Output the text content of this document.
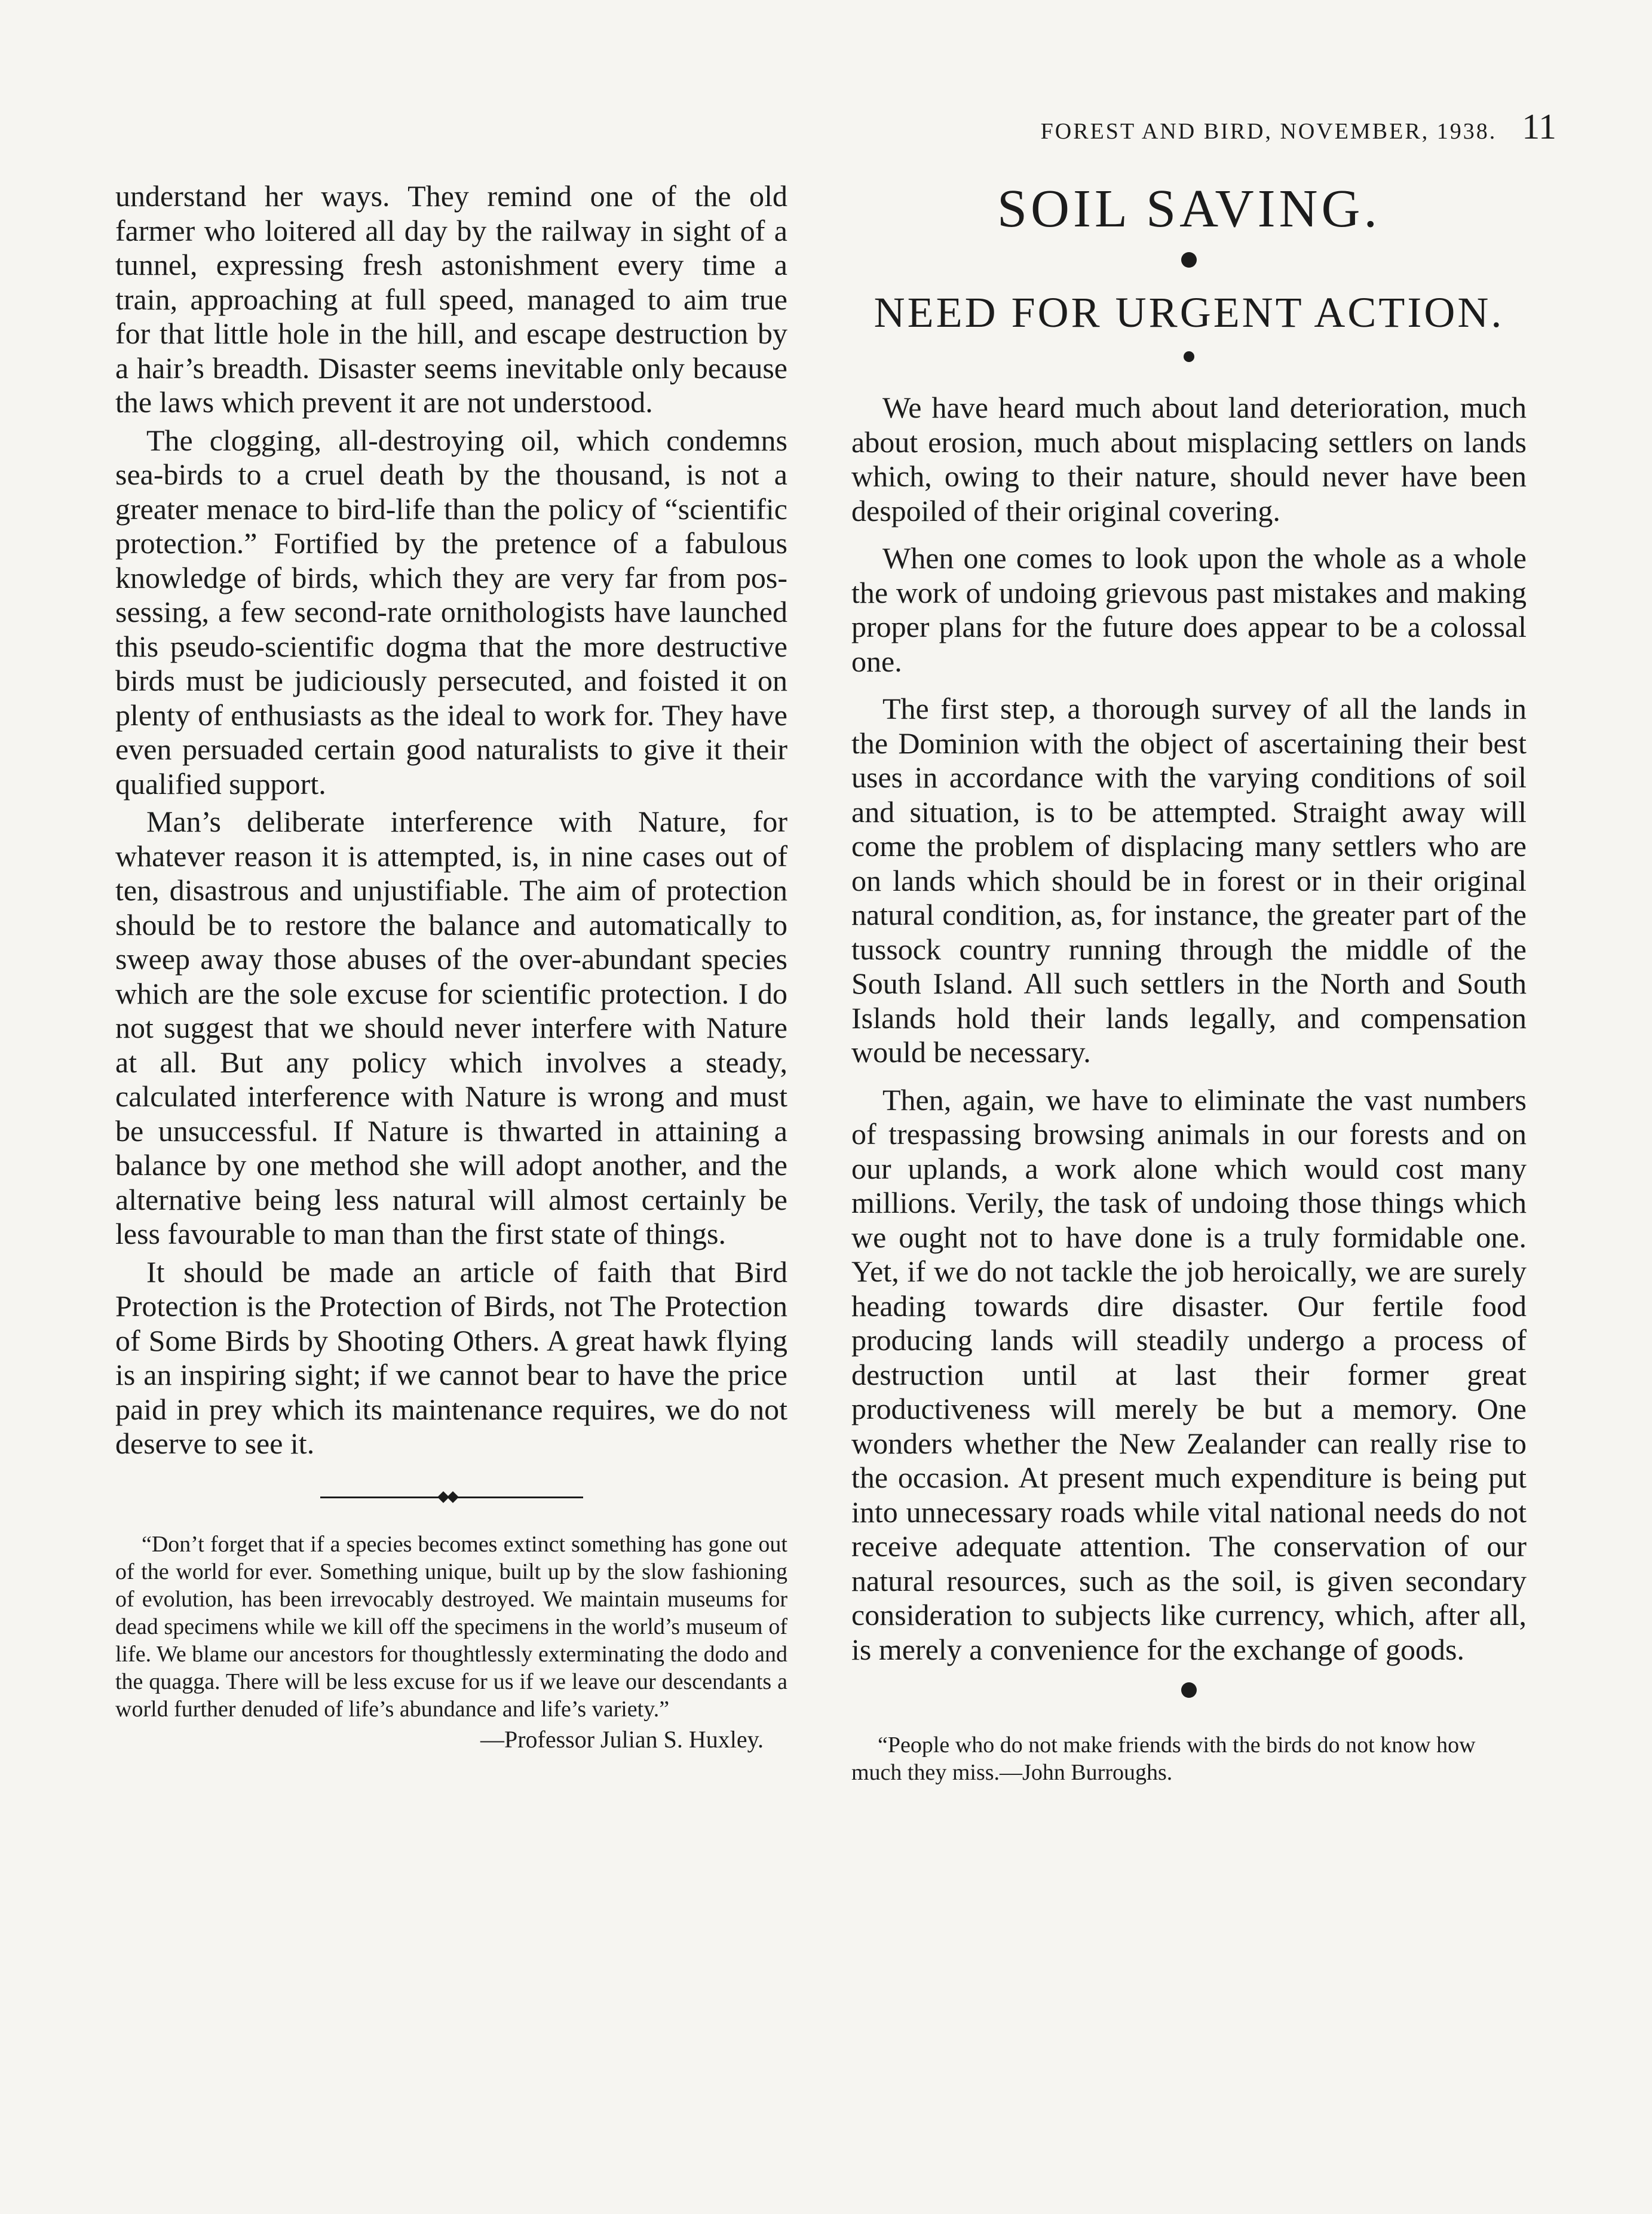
FOREST AND BIRD, NOVEMBER, 1938. 11

understand her ways. They remind one of the old farmer who loitered all day by the railway in sight of a tunnel, expressing fresh astonishment every time a train, approaching at full speed, managed to aim true for that little hole in the hill, and escape destruction by a hair’s breadth. Disaster seems inevitable only because the laws which prevent it are not understood.

The clogging, all-destroying oil, which condemns sea-birds to a cruel death by the thousand, is not a greater menace to bird-life than the policy of “scientific protection.” Fortified by the pretence of a fabulous knowledge of birds, which they are very far from possessing, a few second-rate ornithologists have launched this pseudo-scientific dogma that the more destructive birds must be judiciously persecuted, and foisted it on plenty of enthusiasts as the ideal to work for. They have even persuaded certain good naturalists to give it their qualified support.

Man’s deliberate interference with Nature, for whatever reason it is attempted, is, in nine cases out of ten, disastrous and unjustifiable. The aim of protection should be to restore the balance and automatically to sweep away those abuses of the over-abundant species which are the sole excuse for scientific protection. I do not suggest that we should never interfere with Nature at all. But any policy which involves a steady, calculated interference with Nature is wrong and must be unsuccessful. If Nature is thwarted in attaining a balance by one method she will adopt another, and the alternative being less natural will almost certainly be less favourable to man than the first state of things.

It should be made an article of faith that Bird Protection is the Protection of Birds, not The Protection of Some Birds by Shooting Others. A great hawk flying is an inspiring sight; if we cannot bear to have the price paid in prey which its maintenance requires, we do not deserve to see it.

“Don’t forget that if a species becomes extinct something has gone out of the world for ever. Something unique, built up by the slow fashioning of evolution, has been irrevocably destroyed. We maintain museums for dead specimens while we kill off the specimens in the world’s museum of life. We blame our ancestors for thoughtlessly exterminating the dodo and the quagga. There will be less excuse for us if we leave our descendants a world further denuded of life’s abundance and life’s variety.”

—Professor Julian S. Huxley.
SOIL SAVING.
NEED FOR URGENT ACTION.

We have heard much about land deterioration, much about erosion, much about misplacing settlers on lands which, owing to their nature, should never have been despoiled of their original covering.

When one comes to look upon the whole as a whole the work of undoing grievous past mistakes and making proper plans for the future does appear to be a colossal one.

The first step, a thorough survey of all the lands in the Dominion with the object of ascertaining their best uses in accordance with the varying conditions of soil and situation, is to be attempted. Straight away will come the problem of displacing many settlers who are on lands which should be in forest or in their original natural condition, as, for instance, the greater part of the tussock country running through the middle of the South Island. All such settlers in the North and South Islands hold their lands legally, and compensation would be necessary.

Then, again, we have to eliminate the vast numbers of trespassing browsing animals in our forests and on our uplands, a work alone which would cost many millions. Verily, the task of undoing those things which we ought not to have done is a truly formidable one. Yet, if we do not tackle the job heroically, we are surely heading towards dire disaster. Our fertile food producing lands will steadily undergo a process of destruction until at last their former great productiveness will merely be but a memory. One wonders whether the New Zealander can really rise to the occasion. At present much expenditure is being put into unnecessary roads while vital national needs do not receive adequate attention. The conservation of our natural resources, such as the soil, is given secondary consideration to subjects like currency, which, after all, is merely a convenience for the exchange of goods.

“People who do not make friends with the birds do not know how much they miss.—John Burroughs.
